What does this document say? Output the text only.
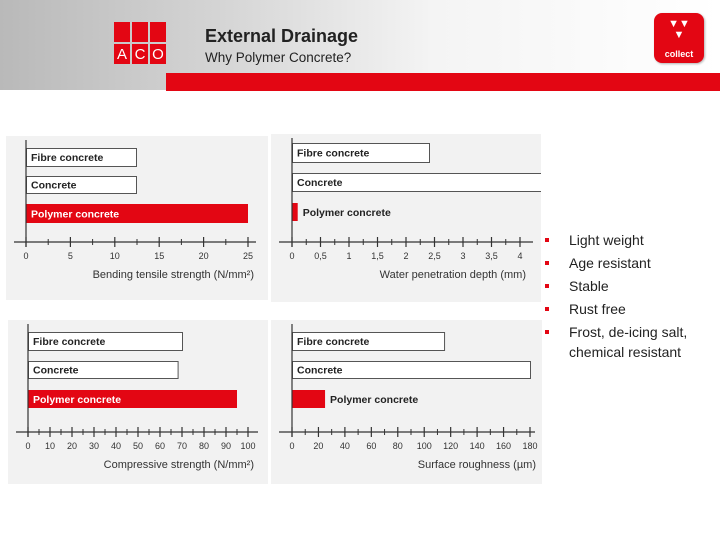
A C O
External Drainage
Why Polymer Concrete?
▼▼
▼
collect
Fibre concrete
Concrete
Polymer concrete
0	5	10	15	20	25
Bending tensile strength (N/mm²)
Fibre concrete
Concrete
Polymer concrete
0 0,5 1 1,5 2 2,5 3 3,5 4
Water penetration depth (mm)
Fibre concrete
Concrete
Polymer concrete
0 10 20 30 40 50 60 70 80 90 100
Compressive strength (N/mm²)
Fibre concrete
Concrete
Polymer concrete
0 20 40 60 80 100 120 140 160 180
Surface roughness (µm)
Light weight
Age resistant
Stable
Rust free
Frost, de-icing salt, chemical resistant
